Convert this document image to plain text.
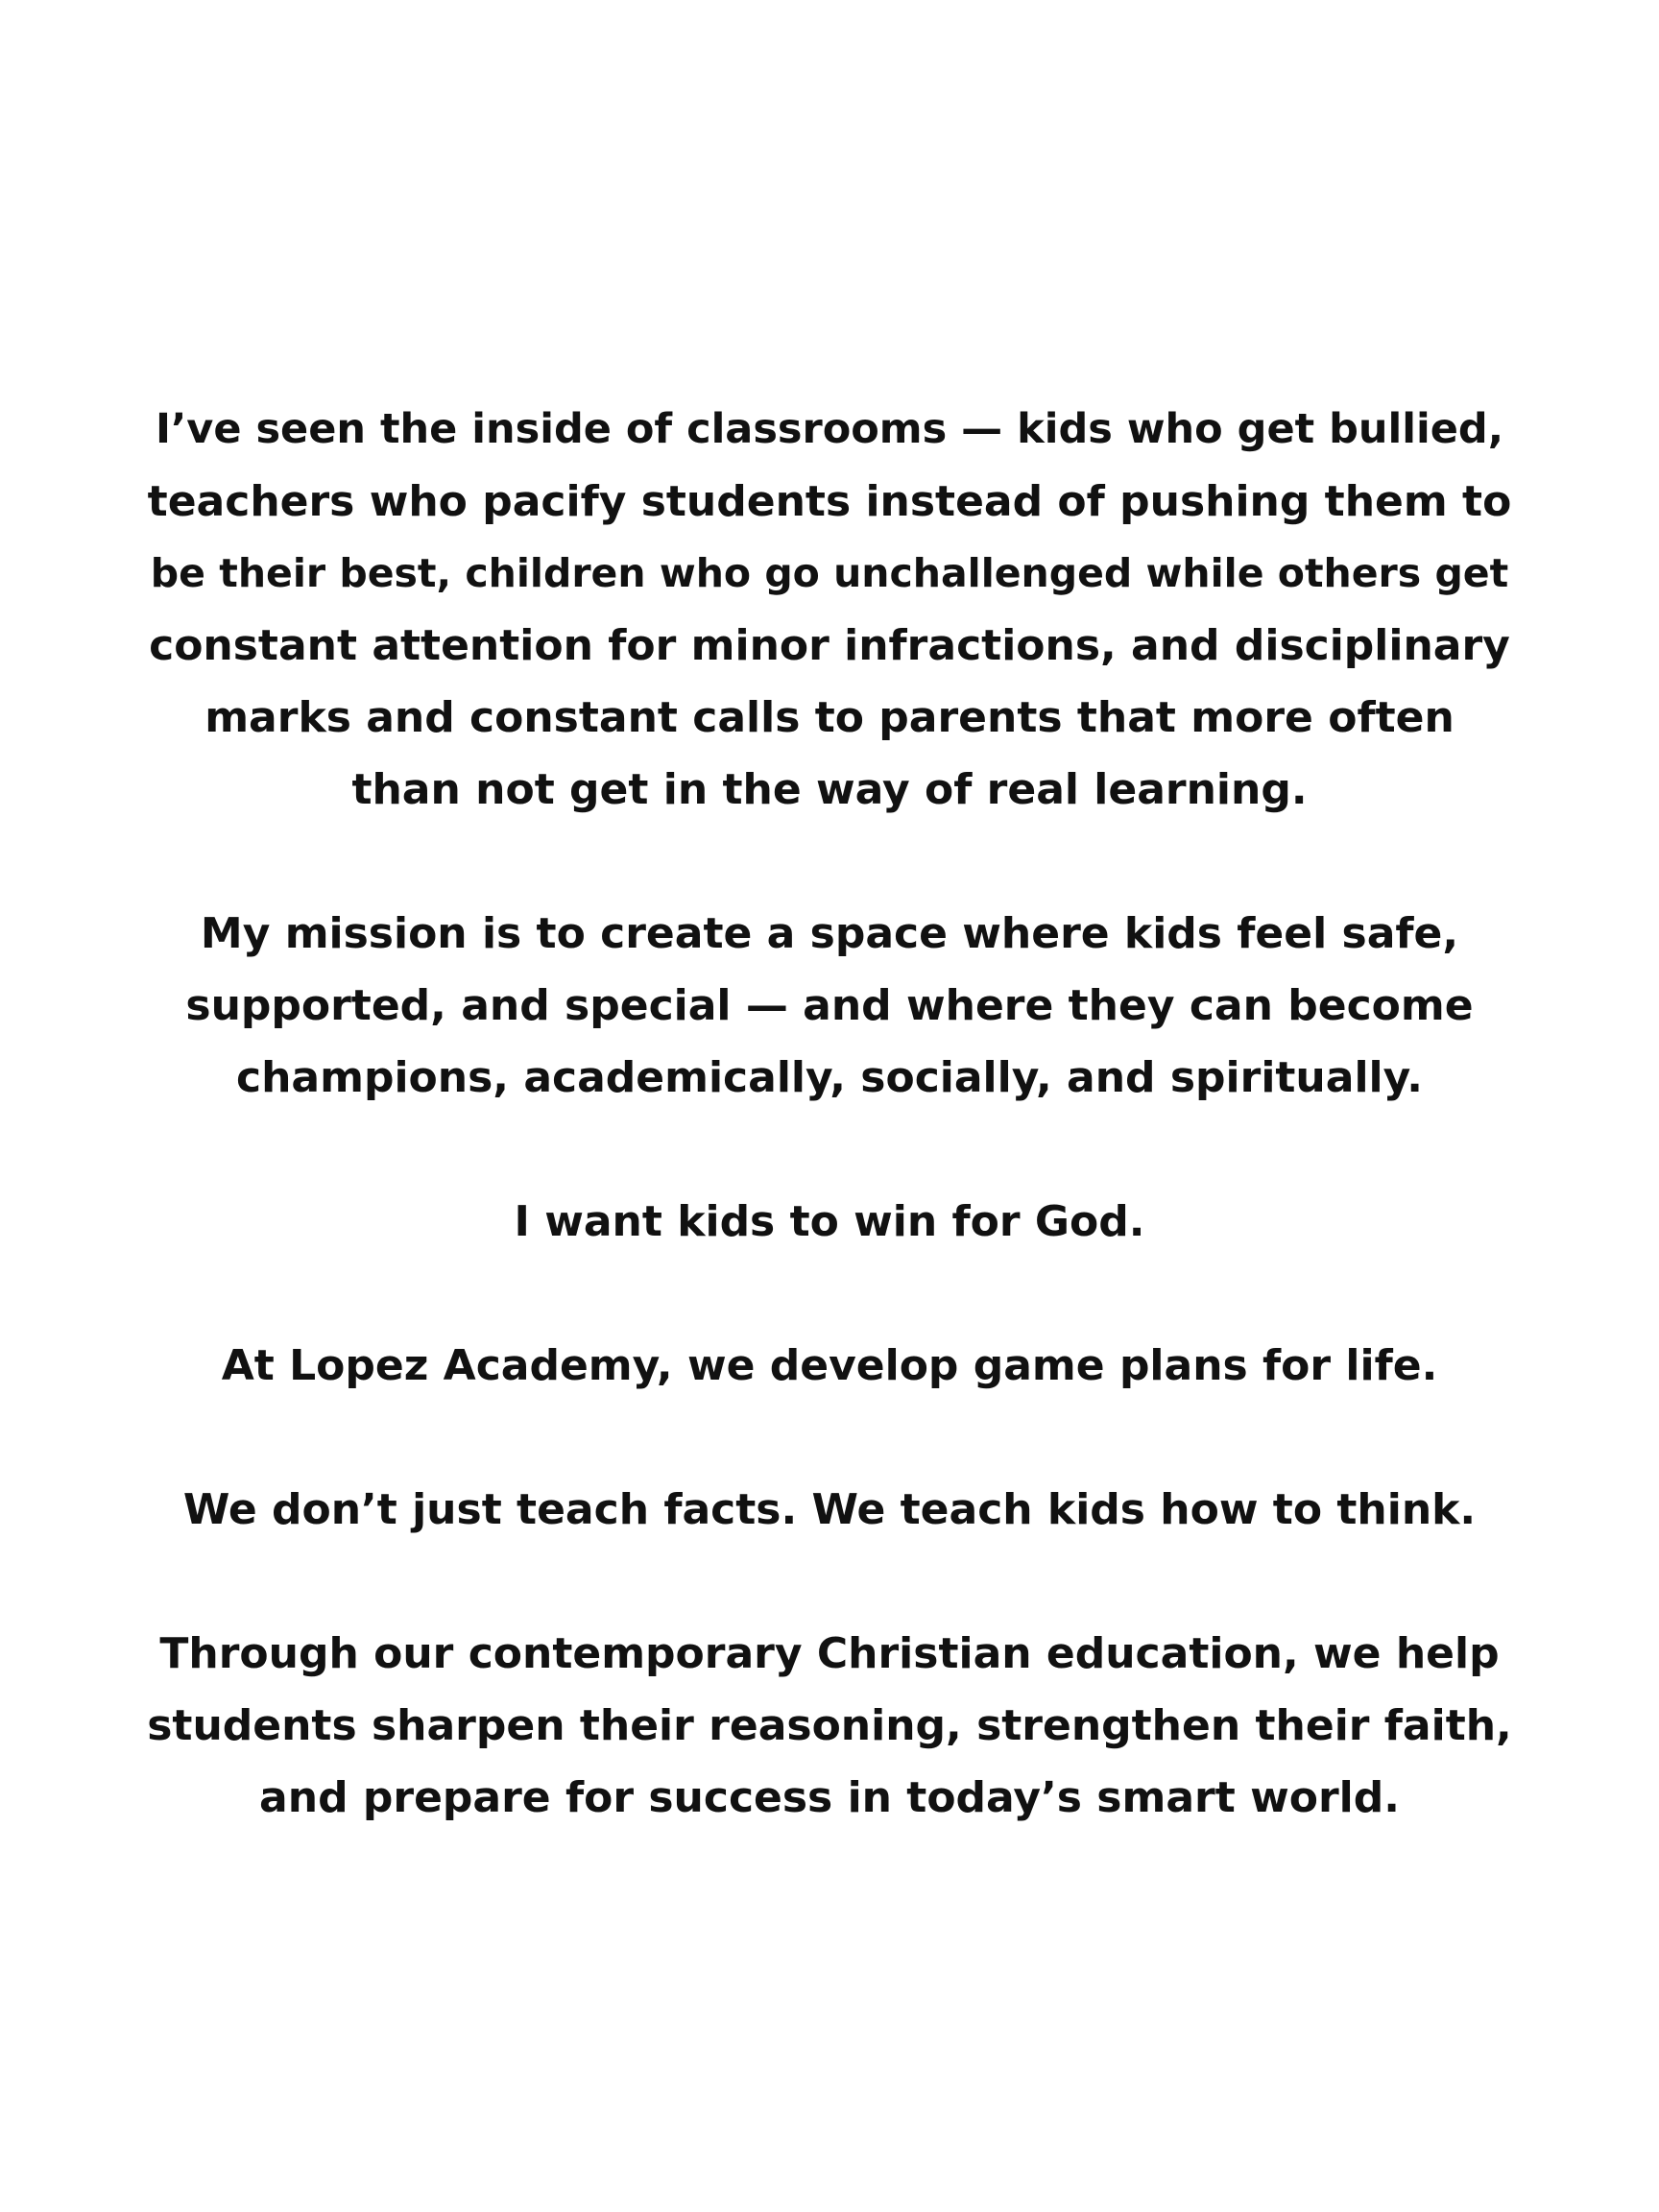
I’ve seen the inside of classrooms — kids who get bullied,
teachers who pacify students instead of pushing them to
be their best, children who go unchallenged while others get
constant attention for minor infractions, and disciplinary
marks and constant calls to parents that more often
than not get in the way of real learning.

My mission is to create a space where kids feel safe,
supported, and special — and where they can become
champions, academically, socially, and spiritually.

I want kids to win for God.

At Lopez Academy, we develop game plans for life.

We don’t just teach facts. We teach kids how to think.

Through our contemporary Christian education, we help
students sharpen their reasoning, strengthen their faith,
and prepare for success in today’s smart world.
